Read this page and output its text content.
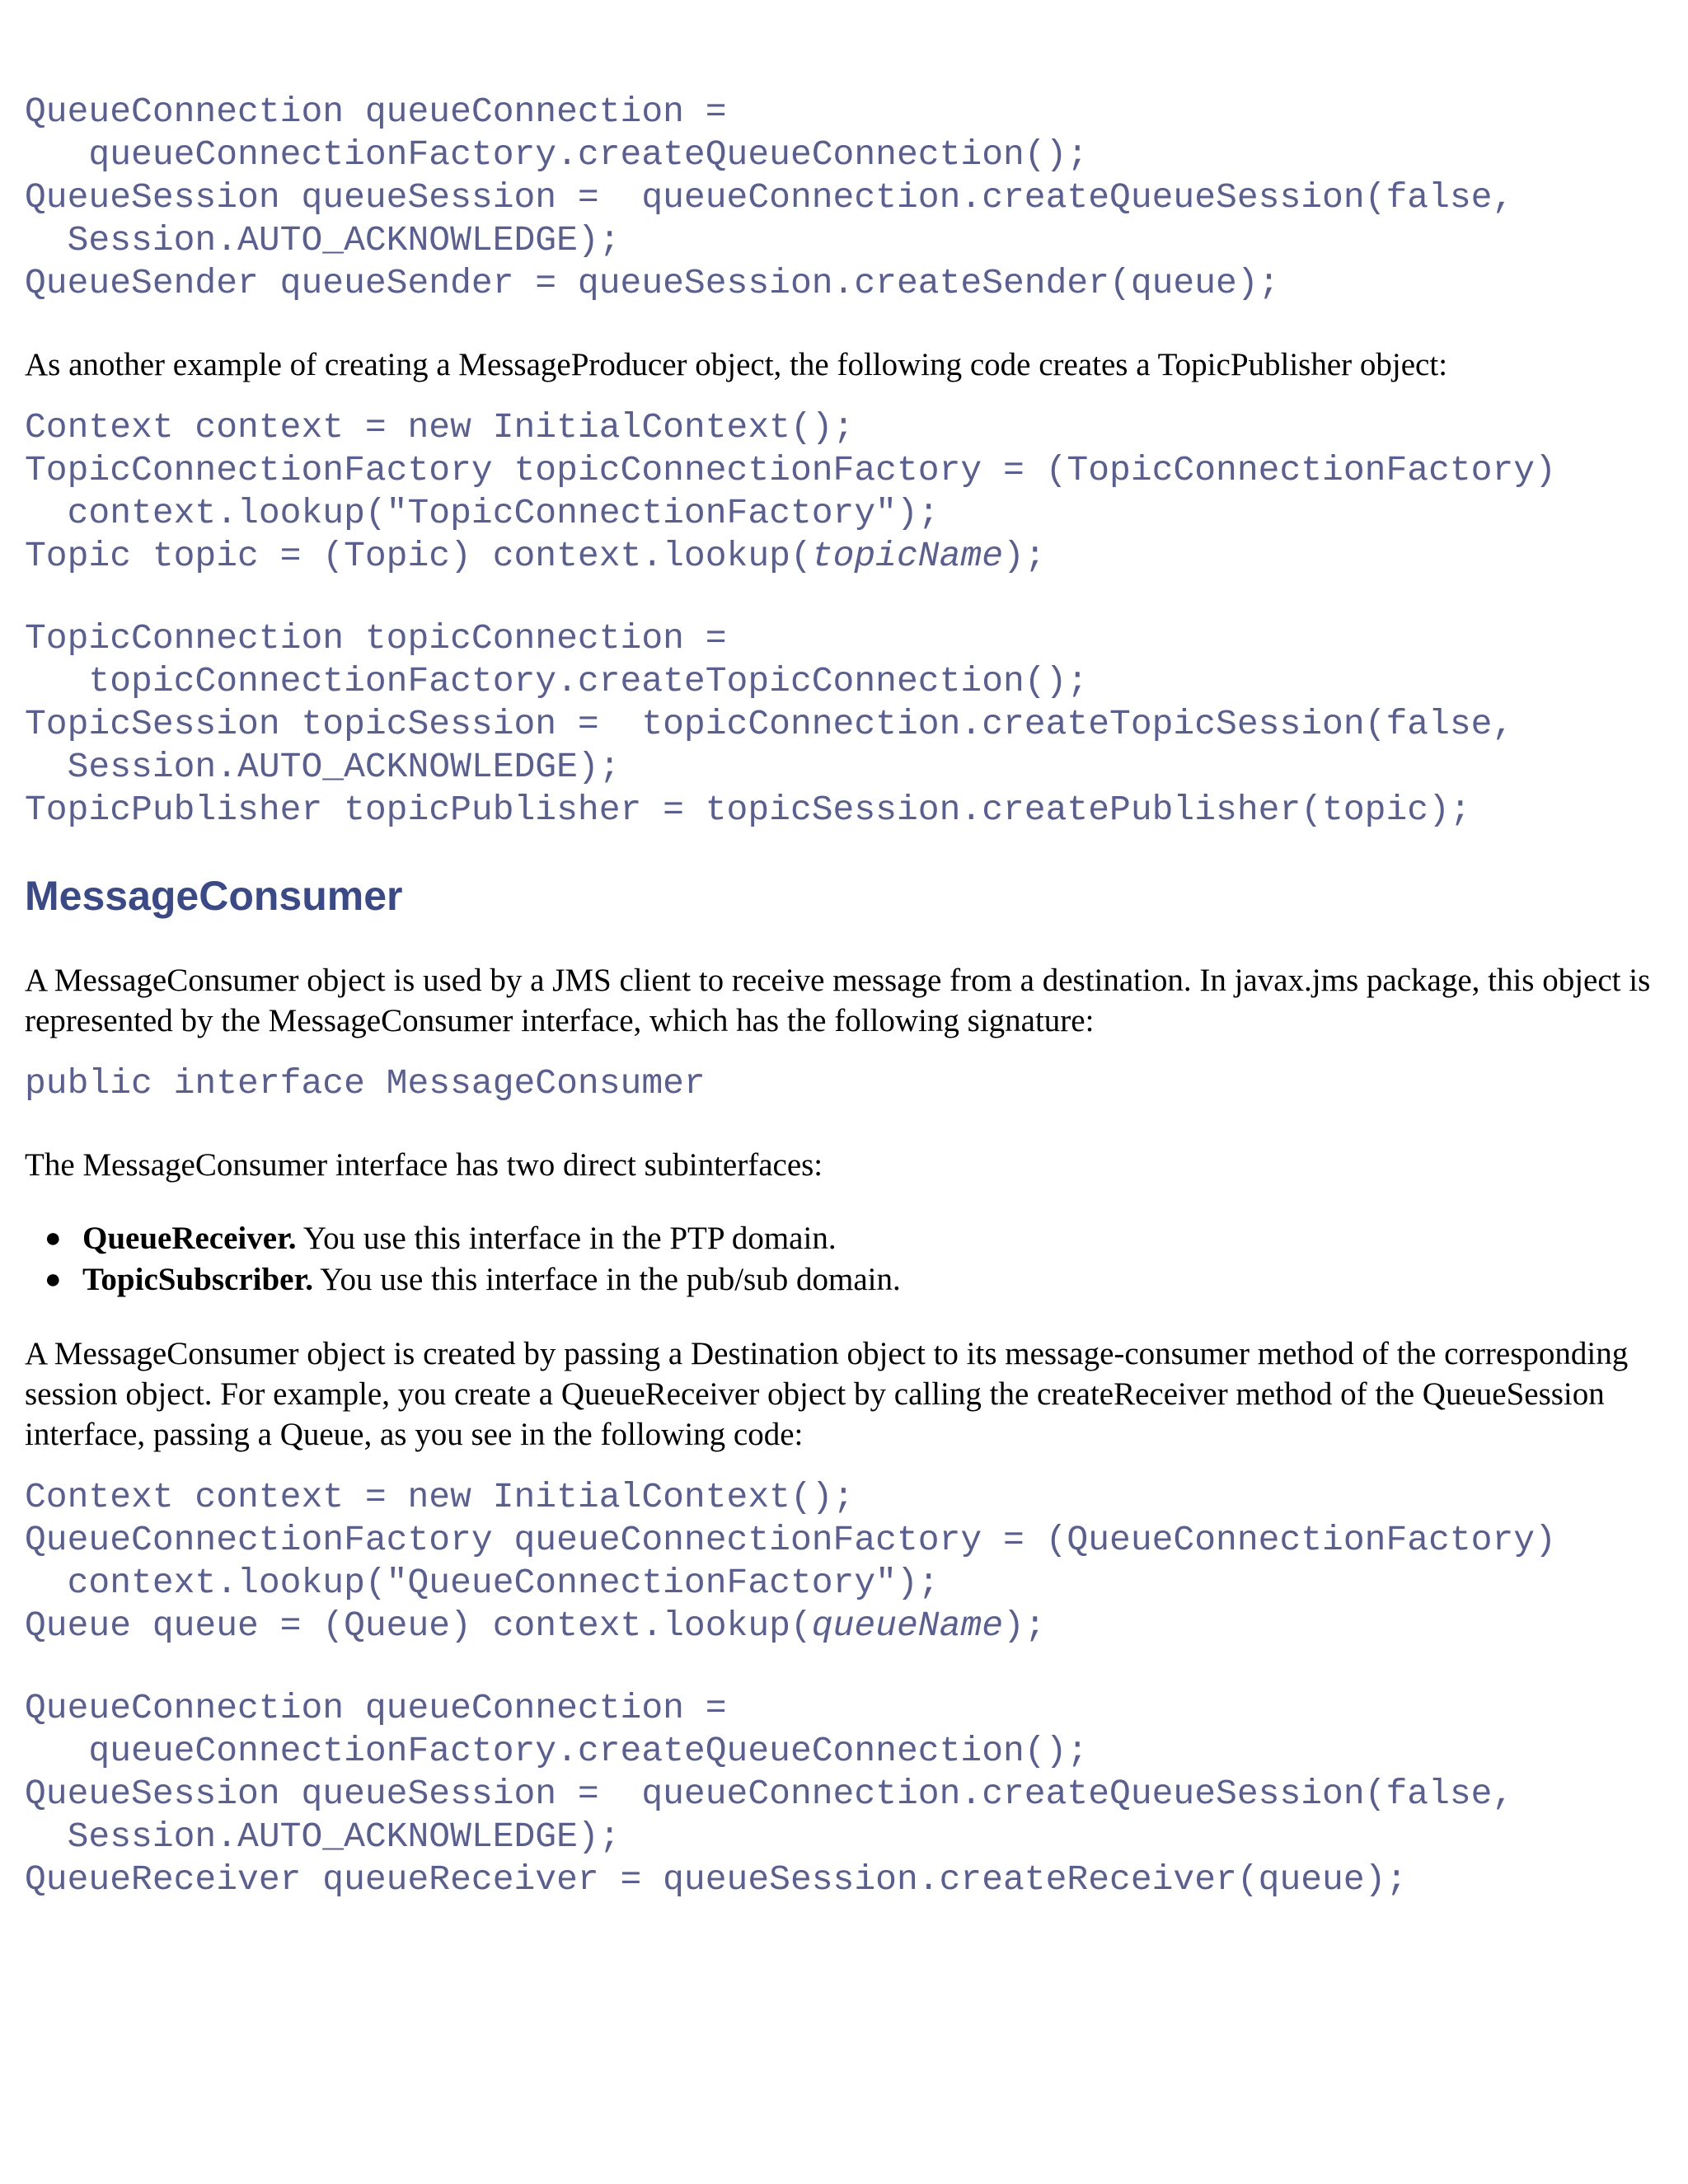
QueueConnection queueConnection =
queueConnectionFactory.createQueueConnection();
QueueSession queueSession =  queueConnection.createQueueSession(false,
Session.AUTO_ACKNOWLEDGE);
QueueSender queueSender = queueSession.createSender(queue);

As another example of creating a MessageProducer object, the following code creates a TopicPublisher object:

Context context = new InitialContext();
TopicConnectionFactory topicConnectionFactory = (TopicConnectionFactory)
context.lookup("TopicConnectionFactory");
Topic topic = (Topic) context.lookup(topicName);
TopicConnection topicConnection =
topicConnectionFactory.createTopicConnection();
TopicSession topicSession =  topicConnection.createTopicSession(false,
Session.AUTO_ACKNOWLEDGE);
TopicPublisher topicPublisher = topicSession.createPublisher(topic);
MessageConsumer

A MessageConsumer object is used by a JMS client to receive message from a destination. In javax.jms package, this object is represented by the MessageConsumer interface, which has the following signature:

public interface MessageConsumer

The MessageConsumer interface has two direct subinterfaces:

● QueueReceiver. You use this interface in the PTP domain.
● TopicSubscriber. You use this interface in the pub/sub domain.

A MessageConsumer object is created by passing a Destination object to its message-consumer method of the corresponding session object. For example, you create a QueueReceiver object by calling the createReceiver method of the QueueSession interface, passing a Queue, as you see in the following code:

Context context = new InitialContext();
QueueConnectionFactory queueConnectionFactory = (QueueConnectionFactory)
context.lookup("QueueConnectionFactory");
Queue queue = (Queue) context.lookup(queueName);
QueueConnection queueConnection =
queueConnectionFactory.createQueueConnection();
QueueSession queueSession =  queueConnection.createQueueSession(false,
Session.AUTO_ACKNOWLEDGE);
QueueReceiver queueReceiver = queueSession.createReceiver(queue);
